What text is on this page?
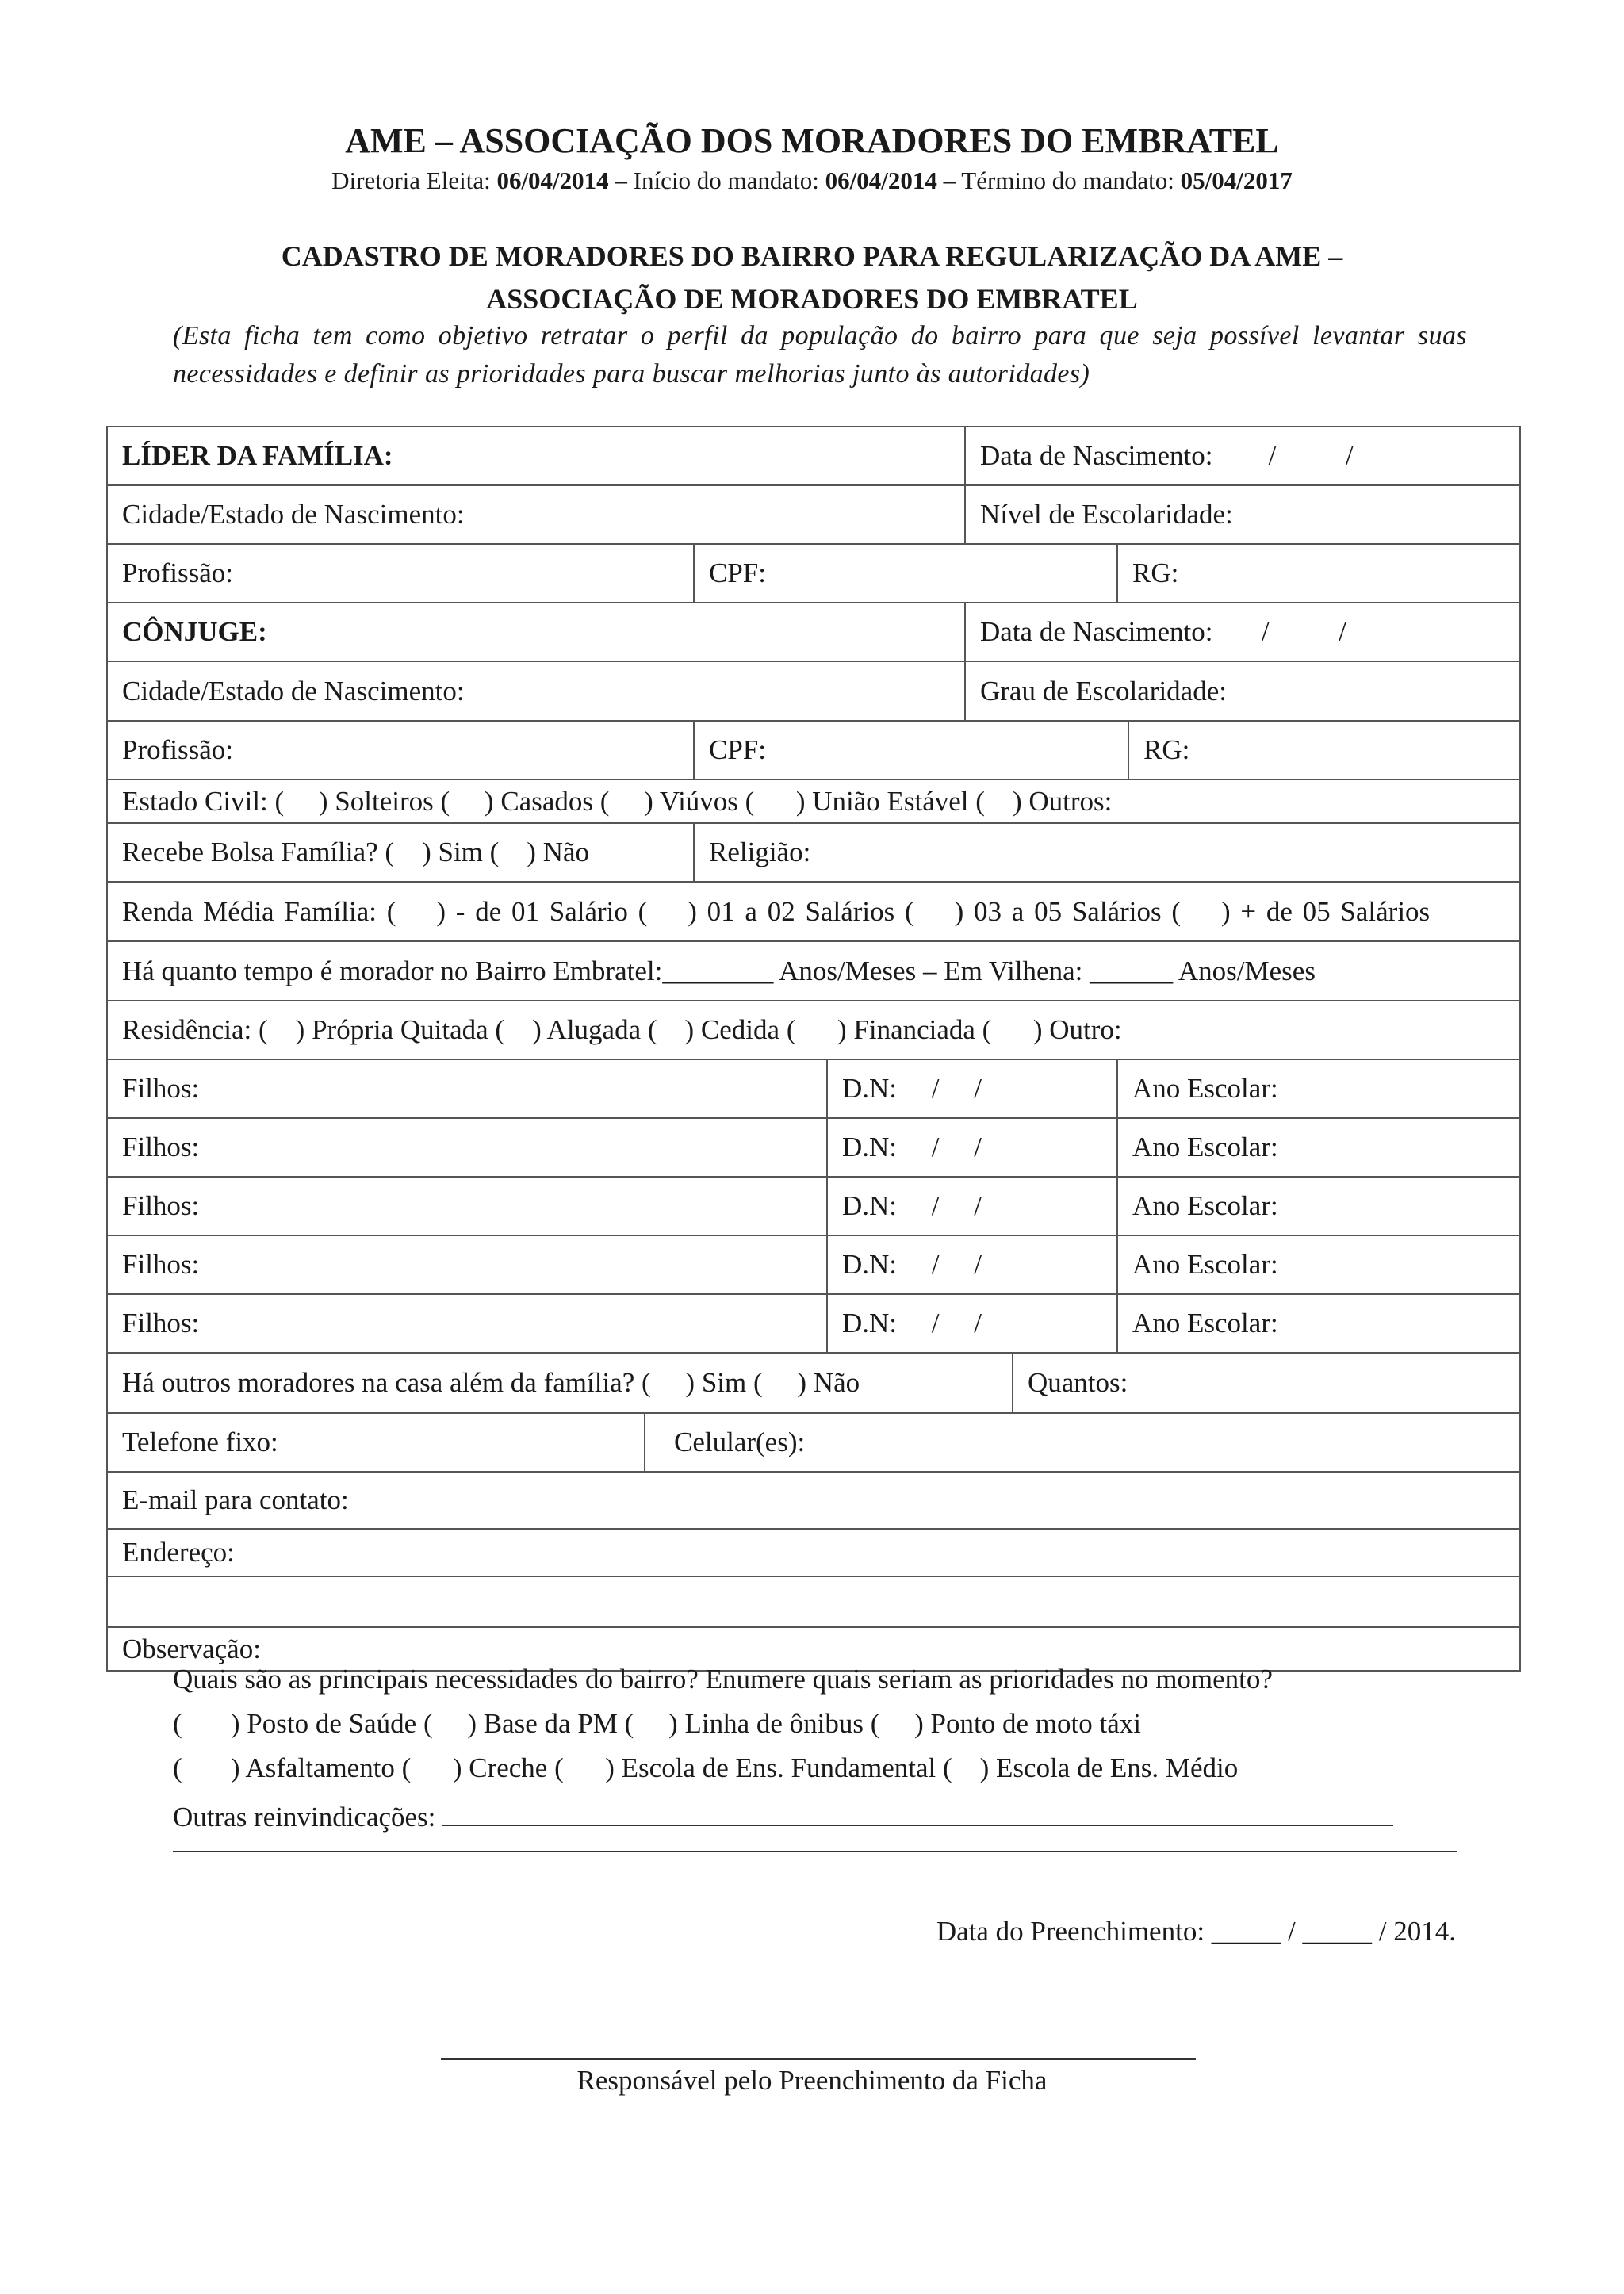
AME – ASSOCIAÇÃO DOS MORADORES DO EMBRATEL
Diretoria Eleita: 06/04/2014 – Início do mandato: 06/04/2014 – Término do mandato: 05/04/2017
CADASTRO DE MORADORES DO BAIRRO PARA REGULARIZAÇÃO DA AME –
ASSOCIAÇÃO DE MORADORES DO EMBRATEL
(Esta ficha tem como objetivo retratar o perfil da população do bairro para que seja possível levantar suas necessidades e definir as prioridades para buscar melhorias junto às autoridades)
LÍDER DA FAMÍLIA:	Data de Nascimento:        /          /
Cidade/Estado de Nascimento:	Nível de Escolaridade:
Profissão:	CPF:	RG:
CÔNJUGE:	Data de Nascimento:       /          /
Cidade/Estado de Nascimento:	Grau de Escolaridade:
Profissão:	CPF:	RG:
Estado Civil: (     ) Solteiros (     ) Casados (     ) Viúvos (      ) União Estável (    ) Outros:
Recebe Bolsa Família? (    ) Sim (    ) Não	Religião:
Renda Média Família: (    ) - de 01 Salário (    ) 01 a 02 Salários (    ) 03 a 05 Salários (    ) + de 05 Salários
Há quanto tempo é morador no Bairro Embratel:________ Anos/Meses – Em Vilhena: ______ Anos/Meses
Residência: (    ) Própria Quitada (    ) Alugada (    ) Cedida (      ) Financiada (      ) Outro:
Filhos:	D.N:     /     /	Ano Escolar:
Filhos:	D.N:     /     /	Ano Escolar:
Filhos:	D.N:     /     /	Ano Escolar:
Filhos:	D.N:     /     /	Ano Escolar:
Filhos:	D.N:     /     /	Ano Escolar:
Há outros moradores na casa além da família? (     ) Sim (     ) Não	Quantos:
Telefone fixo:	Celular(es):
E-mail para contato:
Endereço:
Observação:
Quais são as principais necessidades do bairro? Enumere quais seriam as prioridades no momento?
(       ) Posto de Saúde (     ) Base da PM (     ) Linha de ônibus (     ) Ponto de moto táxi
(       ) Asfaltamento (      ) Creche (      ) Escola de Ens. Fundamental (    ) Escola de Ens. Médio
Outras reinvindicações:
Data do Preenchimento: _____ / _____ / 2014.
Responsável pelo Preenchimento da Ficha
